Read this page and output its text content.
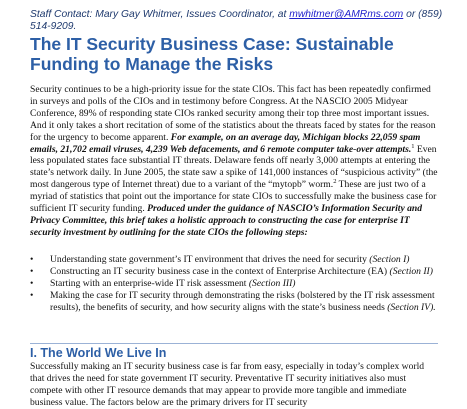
Staff Contact: Mary Gay Whitmer, Issues Coordinator, at mwhitmer@AMRms.com or (859) 514-9209.
The IT Security Business Case: Sustainable Funding to Manage the Risks

Security continues to be a high-priority issue for the state CIOs. This fact has been repeatedly confirmed in surveys and polls of the CIOs and in testimony before Congress. At the NASCIO 2005 Midyear Conference, 89% of responding state CIOs ranked security among their top three most important issues. And it only takes a short recitation of some of the statistics about the threats faced by states for the reason for the urgency to become apparent. For example, on an average day, Michigan blocks 22,059 spam emails, 21,702 email viruses, 4,239 Web defacements, and 6 remote computer take-over attempts.$^1$ Even less populated states face substantial IT threats. Delaware fends off nearly 3,000 attempts at entering the state’s network daily. In June 2005, the state saw a spike of 141,000 instances of “suspicious activity” (the most dangerous type of Internet threat) due to a variant of the “mytopb” worm.$^2$ These are just two of a myriad of statistics that point out the importance for state CIOs to successfully make the business case for sufficient IT security funding. Produced under the guidance of NASCIO’s Information Security and Privacy Committee, this brief takes a holistic approach to constructing the case for enterprise IT security investment by outlining for the state CIOs the following steps:

• Understanding state government’s IT environment that drives the need for security (Section I)
• Constructing an IT security business case in the context of Enterprise Architecture (EA) (Section II)
• Starting with an enterprise-wide IT risk assessment (Section III)
• Making the case for IT security through demonstrating the risks (bolstered by the IT risk assessment results), the benefits of security, and how security aligns with the state’s business needs (Section IV).
I. The World We Live In

Successfully making an IT security business case is far from easy, especially in today’s complex world that drives the need for state government IT security. Preventative IT security initiatives also must compete with other IT resource demands that may appear to provide more tangible and immediate business value. The factors below are the primary drivers for IT security
